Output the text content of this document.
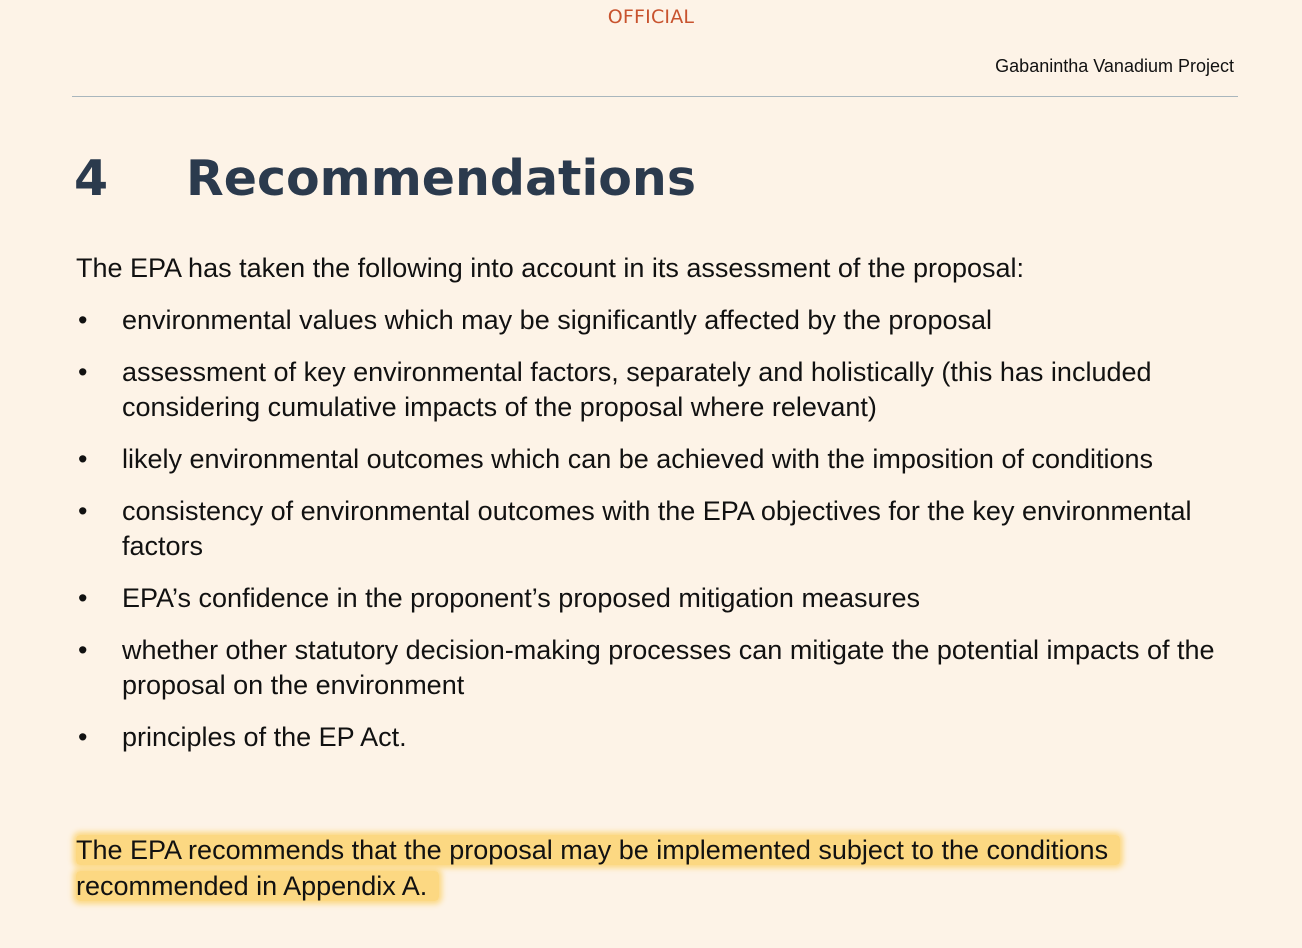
OFFICIAL
Gabanintha Vanadium Project
4	Recommendations

The EPA has taken the following into account in its assessment of the proposal:

•	environmental values which may be significantly affected by the proposal
•	assessment of key environmental factors, separately and holistically (this has included considering cumulative impacts of the proposal where relevant)
•	likely environmental outcomes which can be achieved with the imposition of conditions
•	consistency of environmental outcomes with the EPA objectives for the key environmental factors
•	EPA’s confidence in the proponent’s proposed mitigation measures
•	whether other statutory decision-making processes can mitigate the potential impacts of the proposal on the environment
•	principles of the EP Act.

The EPA recommends that the proposal may be implemented subject to the conditions recommended in Appendix A.
